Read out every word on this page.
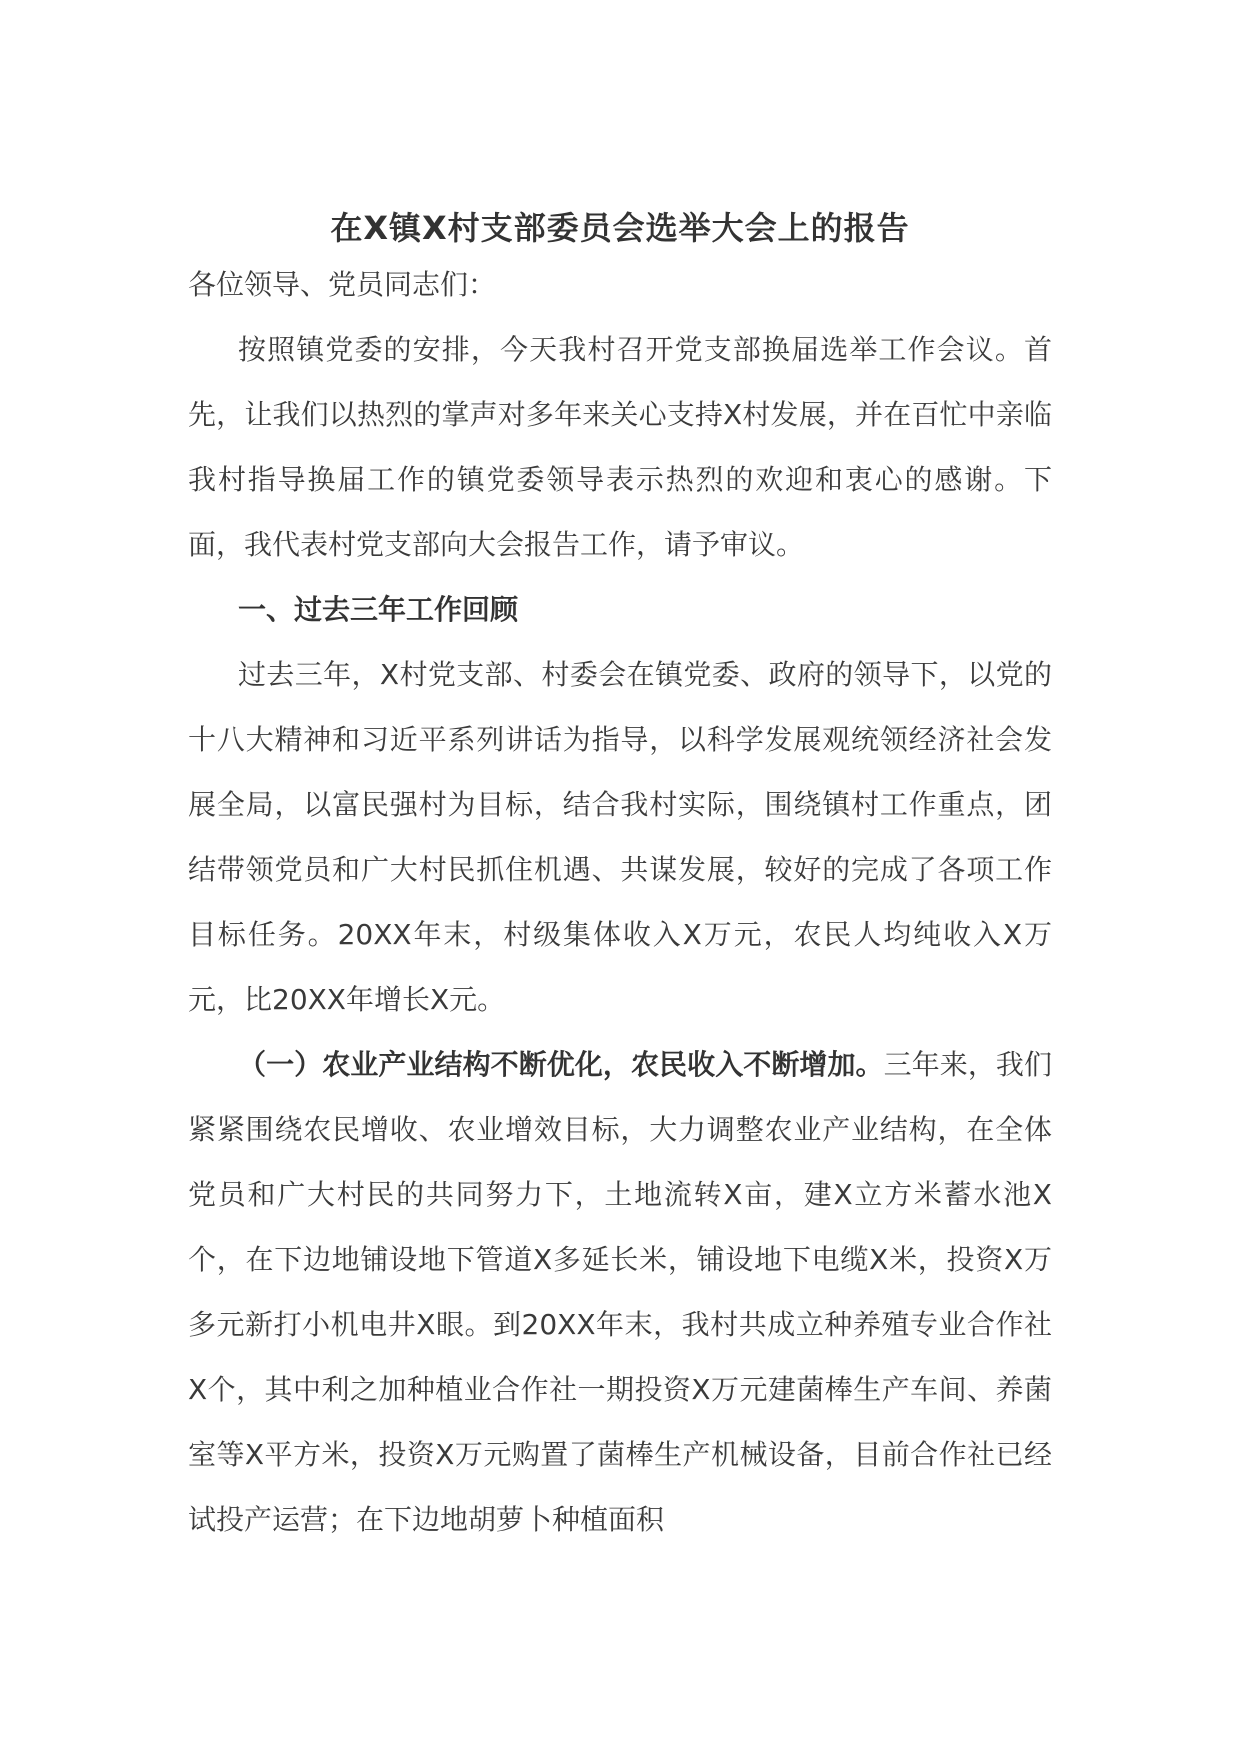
在X镇X村支部委员会选举大会上的报告

各位领导、党员同志们：

按照镇党委的安排，今天我村召开党支部换届选举工作会议。首先，让我们以热烈的掌声对多年来关心支持X村发展，并在百忙中亲临我村指导换届工作的镇党委领导表示热烈的欢迎和衷心的感谢。下面，我代表村党支部向大会报告工作，请予审议。

一、过去三年工作回顾

过去三年，X村党支部、村委会在镇党委、政府的领导下，以党的十八大精神和习近平系列讲话为指导，以科学发展观统领经济社会发展全局，以富民强村为目标，结合我村实际，围绕镇村工作重点，团结带领党员和广大村民抓住机遇、共谋发展，较好的完成了各项工作目标任务。20XX年末，村级集体收入X万元，农民人均纯收入X万元，比20XX年增长X元。

（一）农业产业结构不断优化，农民收入不断增加。三年来，我们紧紧围绕农民增收、农业增效目标，大力调整农业产业结构，在全体党员和广大村民的共同努力下，土地流转X亩，建X立方米蓄水池X个，在下边地铺设地下管道X多延长米，铺设地下电缆X米，投资X万多元新打小机电井X眼。到20XX年末，我村共成立种养殖专业合作社X个，其中利之加种植业合作社一期投资X万元建菌棒生产车间、养菌室等X平方米，投资X万元购置了菌棒生产机械设备，目前合作社已经试投产运营；在下边地胡萝卜种植面积
